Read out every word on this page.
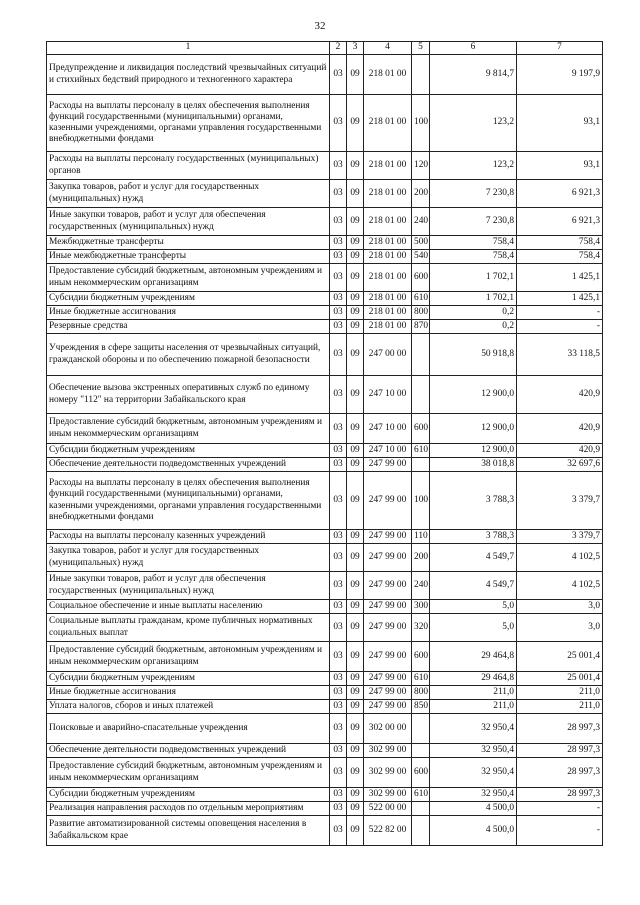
32
1	2	3	4	5	6	7
Предупреждение и ликвидация последствий чрезвычайных ситуаций и стихийных бедствий природного и техногенного характера	03	09	218 01 00		9 814,7	9 197,9
Расходы на выплаты персоналу в целях обеспечения выполнения функций государственными (муниципальными) органами, казенными учреждениями, органами управления государственными внебюджетными фондами	03	09	218 01 00	100	123,2	93,1
Расходы на выплаты персоналу государственных (муниципальных) органов	03	09	218 01 00	120	123,2	93,1
Закупка товаров, работ и услуг для государственных (муниципальных) нужд	03	09	218 01 00	200	7 230,8	6 921,3
Иные закупки товаров, работ и услуг для обеспечения государственных (муниципальных) нужд	03	09	218 01 00	240	7 230,8	6 921,3
Межбюджетные трансферты	03	09	218 01 00	500	758,4	758,4
Иные межбюджетные трансферты	03	09	218 01 00	540	758,4	758,4
Предоставление субсидий бюджетным, автономным учреждениям и иным некоммерческим организациям	03	09	218 01 00	600	1 702,1	1 425,1
Субсидии бюджетным учреждениям	03	09	218 01 00	610	1 702,1	1 425,1
Иные бюджетные ассигнования	03	09	218 01 00	800	0,2	-
Резервные средства	03	09	218 01 00	870	0,2	-
Учреждения в сфере защиты населения от чрезвычайных ситуаций, гражданской обороны и по обеспечению пожарной безопасности	03	09	247 00 00		50 918,8	33 118,5
Обеспечение вызова экстренных оперативных служб по единому номеру "112" на территории Забайкальского края	03	09	247 10 00		12 900,0	420,9
Предоставление субсидий бюджетным, автономным учреждениям и иным некоммерческим организациям	03	09	247 10 00	600	12 900,0	420,9
Субсидии бюджетным учреждениям	03	09	247 10 00	610	12 900,0	420,9
Обеспечение деятельности подведомственных учреждений	03	09	247 99 00		38 018,8	32 697,6
Расходы на выплаты персоналу в целях обеспечения выполнения функций государственными (муниципальными) органами, казенными учреждениями, органами управления государственными внебюджетными фондами	03	09	247 99 00	100	3 788,3	3 379,7
Расходы на выплаты персоналу казенных учреждений	03	09	247 99 00	110	3 788,3	3 379,7
Закупка товаров, работ и услуг для государственных (муниципальных) нужд	03	09	247 99 00	200	4 549,7	4 102,5
Иные закупки товаров, работ и услуг для обеспечения государственных (муниципальных) нужд	03	09	247 99 00	240	4 549,7	4 102,5
Социальное обеспечение и иные выплаты населению	03	09	247 99 00	300	5,0	3,0
Социальные выплаты гражданам, кроме публичных нормативных социальных выплат	03	09	247 99 00	320	5,0	3,0
Предоставление субсидий бюджетным, автономным учреждениям и иным некоммерческим организациям	03	09	247 99 00	600	29 464,8	25 001,4
Субсидии бюджетным учреждениям	03	09	247 99 00	610	29 464,8	25 001,4
Иные бюджетные ассигнования	03	09	247 99 00	800	211,0	211,0
Уплата налогов, сборов и иных платежей	03	09	247 99 00	850	211,0	211,0
Поисковые и аварийно-спасательные учреждения	03	09	302 00 00		32 950,4	28 997,3
Обеспечение деятельности подведомственных учреждений	03	09	302 99 00		32 950,4	28 997,3
Предоставление субсидий бюджетным, автономным учреждениям и иным некоммерческим организациям	03	09	302 99 00	600	32 950,4	28 997,3
Субсидии бюджетным учреждениям	03	09	302 99 00	610	32 950,4	28 997,3
Реализация направления расходов по отдельным мероприятиям	03	09	522 00 00		4 500,0	-
Развитие автоматизированной системы оповещения населения в Забайкальском крае	03	09	522 82 00		4 500,0	-
